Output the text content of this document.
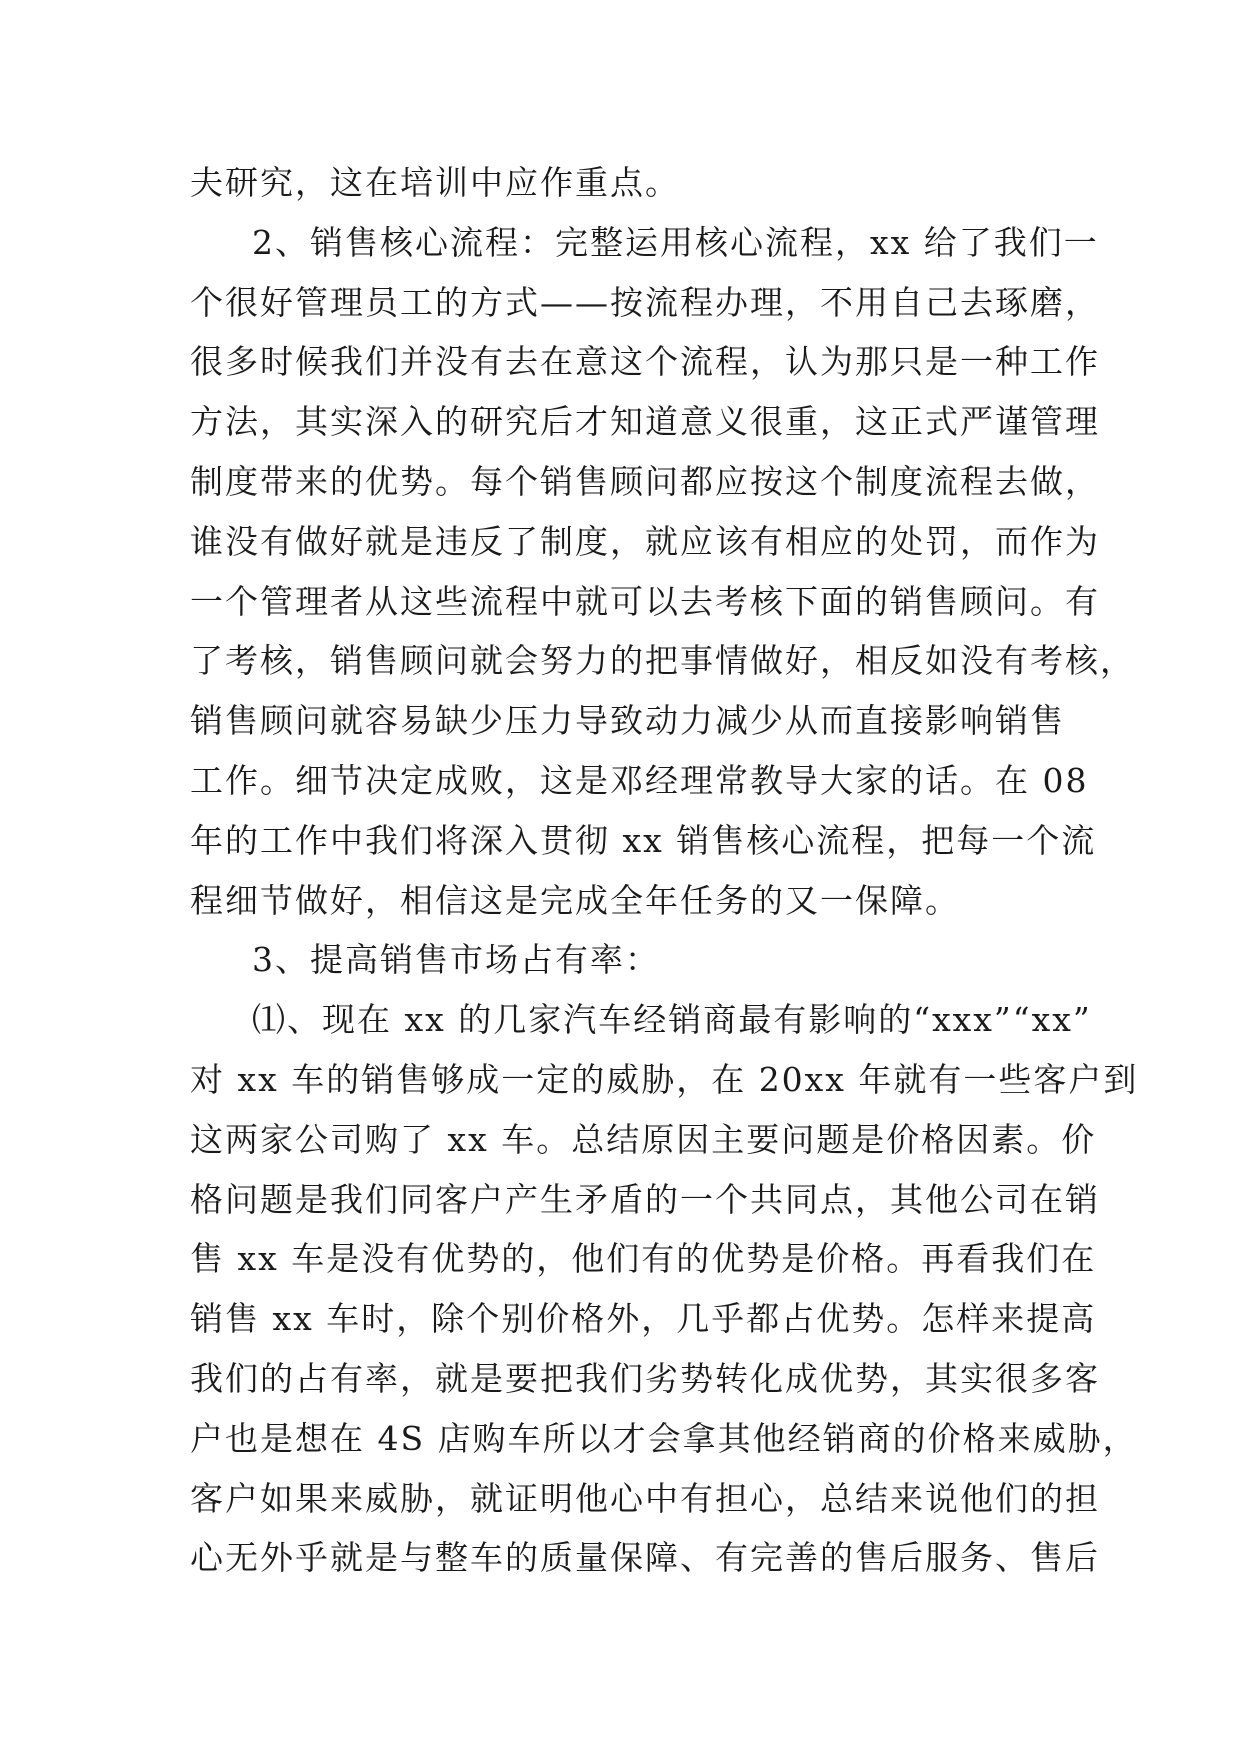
夫研究，这在培训中应作重点。
2、销售核心流程：完整运用核心流程，xx 给了我们一
个很好管理员工的方式——按流程办理，不用自己去琢磨，
很多时候我们并没有去在意这个流程，认为那只是一种工作
方法，其实深入的研究后才知道意义很重，这正式严谨管理
制度带来的优势。每个销售顾问都应按这个制度流程去做，
谁没有做好就是违反了制度，就应该有相应的处罚，而作为
一个管理者从这些流程中就可以去考核下面的销售顾问。有
了考核，销售顾问就会努力的把事情做好，相反如没有考核，
销售顾问就容易缺少压力导致动力减少从而直接影响销售
工作。细节决定成败，这是邓经理常教导大家的话。在 08
年的工作中我们将深入贯彻 xx 销售核心流程，把每一个流
程细节做好，相信这是完成全年任务的又一保障。
3、提高销售市场占有率：
⑴、现在 xx 的几家汽车经销商最有影响的“xxx”“xx”
对 xx 车的销售够成一定的威胁，在 20xx 年就有一些客户到
这两家公司购了 xx 车。总结原因主要问题是价格因素。价
格问题是我们同客户产生矛盾的一个共同点，其他公司在销
售 xx 车是没有优势的，他们有的优势是价格。再看我们在
销售 xx 车时，除个别价格外，几乎都占优势。怎样来提高
我们的占有率，就是要把我们劣势转化成优势，其实很多客
户也是想在 4S 店购车所以才会拿其他经销商的价格来威胁，
客户如果来威胁，就证明他心中有担心，总结来说他们的担
心无外乎就是与整车的质量保障、有完善的售后服务、售后
